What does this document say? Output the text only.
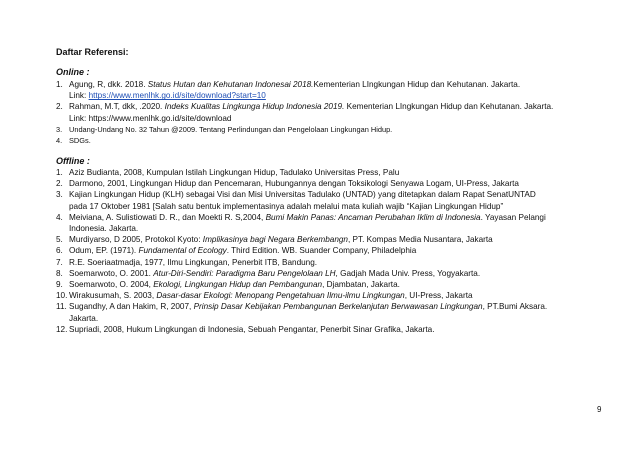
Daftar Referensi:
Online :
1. Agung, R, dkk. 2018. Status Hutan dan Kehutanan Indonesai 2018.Kementerian LIngkungan Hidup dan Kehutanan. Jakarta.
Link: https://www.menlhk.go.id/site/download?start=10
2. Rahman, M.T, dkk, .2020. Indeks Kualitas Lingkunga Hidup Indonesia 2019. Kementerian LIngkungan Hidup dan Kehutanan. Jakarta.
Link: https://www.menlhk.go.id/site/download
3. Undang-Undang No. 32 Tahun @2009. Tentang Perlindungan dan Pengelolaan Lingkungan Hidup.
4. SDGs.
Offline :
1. Aziz Budianta, 2008, Kumpulan Istilah Lingkungan Hidup, Tadulako Universitas Press, Palu
2. Darmono, 2001, Lingkungan Hidup dan Pencemaran, Hubungannya dengan Toksikologi Senyawa Logam, UI-Press, Jakarta
3. Kajian Lingkungan Hidup (KLH) sebagai Visi dan Misi Universitas Tadulako (UNTAD) yang ditetapkan dalam Rapat SenatUNTAD
pada 17 Oktober 1981 [Salah satu bentuk implementasinya adalah melalui mata kuliah wajib “Kajian Lingkungan Hidup”
4. Meiviana, A. Sulistiowati D. R., dan Moekti R. S,2004, Bumi Makin Panas: Ancaman Perubahan Iklim di Indonesia. Yayasan Pelangi
Indonesia. Jakarta.
5. Murdiyarso, D 2005, Protokol Kyoto: Implikasinya bagi Negara Berkembangn, PT. Kompas Media Nusantara, Jakarta
6. Odum, EP. (1971). Fundamental of Ecology. Third Edition. WB. Suander Company, Philadelphia
7. R.E. Soeriaatmadja, 1977, Ilmu Lingkungan, Penerbit ITB, Bandung.
8. Soemarwoto, O. 2001. Atur-Diri-Sendiri: Paradigma Baru Pengelolaan LH, Gadjah Mada Univ. Press, Yogyakarta.
9. Soemarwoto, O. 2004, Ekologi, Lingkungan Hidup dan Pembangunan, Djambatan, Jakarta.
10. Wirakusumah, S. 2003, Dasar-dasar Ekologi: Menopang Pengetahuan Ilmu-ilmu Lingkungan, UI-Press, Jakarta
11. Sugandhy, A dan Hakim, R, 2007, Prinsip Dasar Kebijakan Pembangunan Berkelanjutan Berwawasan Lingkungan, PT.Bumi Aksara.
Jakarta.
12. Supriadi, 2008, Hukum Lingkungan di Indonesia, Sebuah Pengantar, Penerbit Sinar Grafika, Jakarta.
9
